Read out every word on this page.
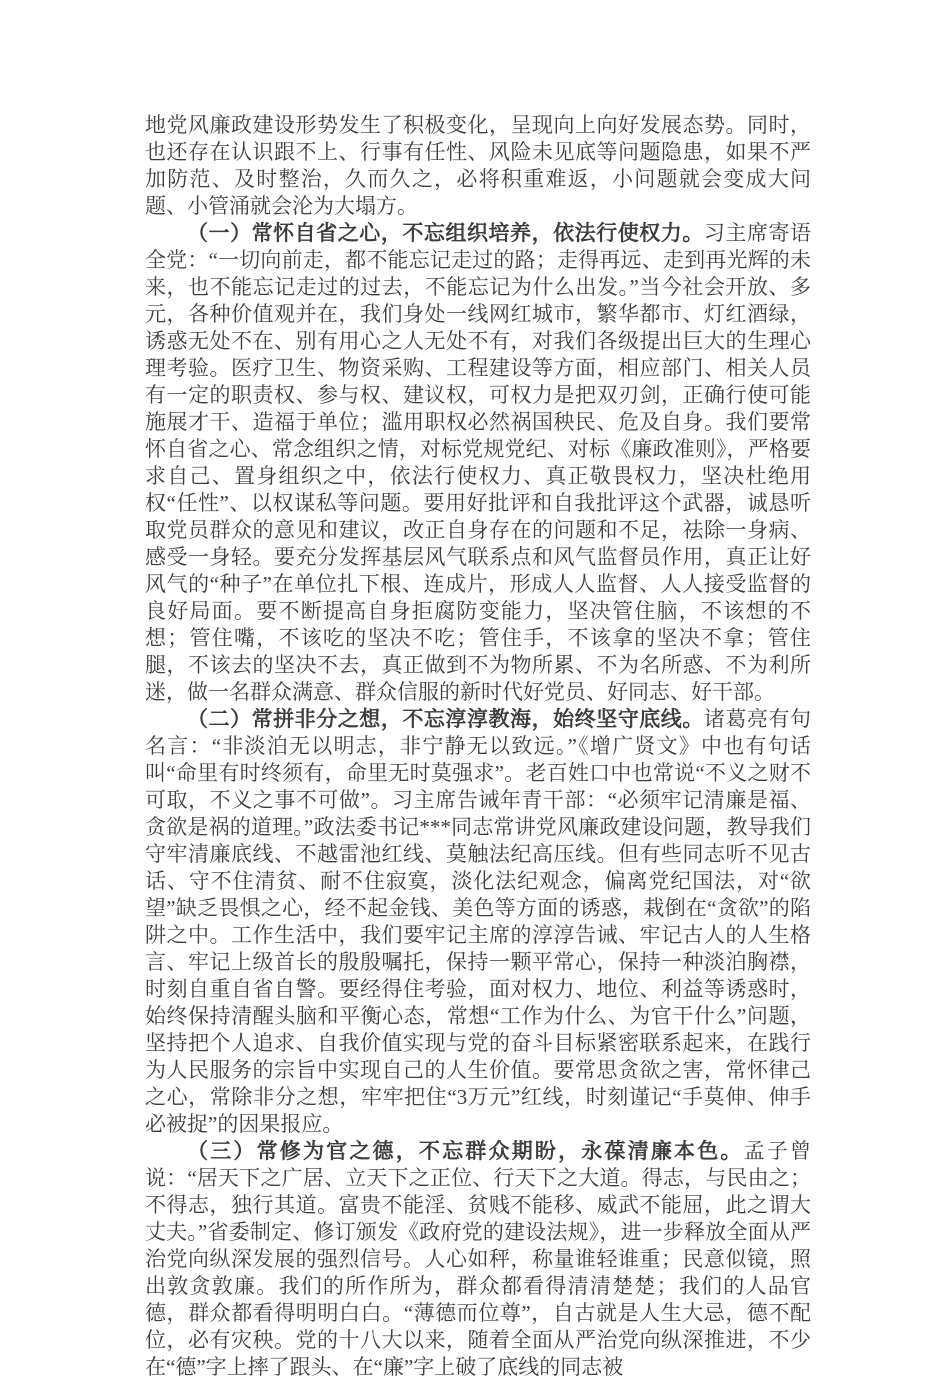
地党风廉政建设形势发生了积极变化，呈现向上向好发展态势。同时，也还存在认识跟不上、行事有任性、风险未见底等问题隐患，如果不严加防范、及时整治，久而久之，必将积重难返，小问题就会变成大问题、小管涌就会沦为大塌方。

（一）常怀自省之心，不忘组织培养，依法行使权力。习主席寄语全党：“一切向前走，都不能忘记走过的路；走得再远、走到再光辉的未来，也不能忘记走过的过去，不能忘记为什么出发。”当今社会开放、多元，各种价值观并在，我们身处一线网红城市，繁华都市、灯红酒绿，诱惑无处不在、别有用心之人无处不有，对我们各级提出巨大的生理心理考验。医疗卫生、物资采购、工程建设等方面，相应部门、相关人员有一定的职责权、参与权、建议权，可权力是把双刃剑，正确行使可能施展才干、造福于单位；滥用职权必然祸国秧民、危及自身。我们要常怀自省之心、常念组织之情，对标党规党纪、对标《廉政准则》，严格要求自己、置身组织之中，依法行使权力、真正敬畏权力，坚决杜绝用权“任性”、以权谋私等问题。要用好批评和自我批评这个武器，诚恳听取党员群众的意见和建议，改正自身存在的问题和不足，祛除一身病、感受一身轻。要充分发挥基层风气联系点和风气监督员作用，真正让好风气的“种子”在单位扎下根、连成片，形成人人监督、人人接受监督的良好局面。要不断提高自身拒腐防变能力，坚决管住脑，不该想的不想；管住嘴，不该吃的坚决不吃；管住手，不该拿的坚决不拿；管住腿，不该去的坚决不去，真正做到不为物所累、不为名所惑、不为利所迷，做一名群众满意、群众信服的新时代好党员、好同志、好干部。

（二）常拼非分之想，不忘淳淳教海，始终坚守底线。诸葛亮有句名言：“非淡泊无以明志，非宁静无以致远。”《增广贤文》中也有句话叫“命里有时终须有，命里无时莫强求”。老百姓口中也常说“不义之财不可取，不义之事不可做”。习主席告诫年青干部：“必须牢记清廉是福、贪欲是祸的道理。”政法委书记***同志常讲党风廉政建设问题，教导我们守牢清廉底线、不越雷池红线、莫触法纪高压线。但有些同志听不见古话、守不住清贫、耐不住寂寞，淡化法纪观念，偏离党纪国法，对“欲望”缺乏畏惧之心，经不起金钱、美色等方面的诱惑，栽倒在“贪欲”的陷阱之中。工作生活中，我们要牢记主席的淳淳告诫、牢记古人的人生格言、牢记上级首长的殷殷嘱托，保持一颗平常心，保持一种淡泊胸襟，时刻自重自省自警。要经得住考验，面对权力、地位、利益等诱惑时，始终保持清醒头脑和平衡心态，常想“工作为什么、为官干什么”问题，坚持把个人追求、自我价值实现与党的奋斗目标紧密联系起来，在践行为人民服务的宗旨中实现自己的人生价值。要常思贪欲之害，常怀律己之心，常除非分之想，牢牢把住“3万元”红线，时刻谨记“手莫伸、伸手必被捉”的因果报应。

（三）常修为官之德，不忘群众期盼，永葆清廉本色。孟子曾说：“居天下之广居、立天下之正位、行天下之大道。得志，与民由之；不得志，独行其道。富贵不能淫、贫贱不能移、威武不能屈，此之谓大丈夫。”省委制定、修订颁发《政府党的建设法规》，进一步释放全面从严治党向纵深发展的强烈信号。人心如秤，称量谁轻谁重；民意似镜，照出敦贪敦廉。我们的所作所为，群众都看得清清楚楚；我们的人品官德，群众都看得明明白白。“薄德而位尊”，自古就是人生大忌，德不配位，必有灾秧。党的十八大以来，随着全面从严治党向纵深推进，不少在“德”字上摔了跟头、在“廉”字上破了底线的同志被
